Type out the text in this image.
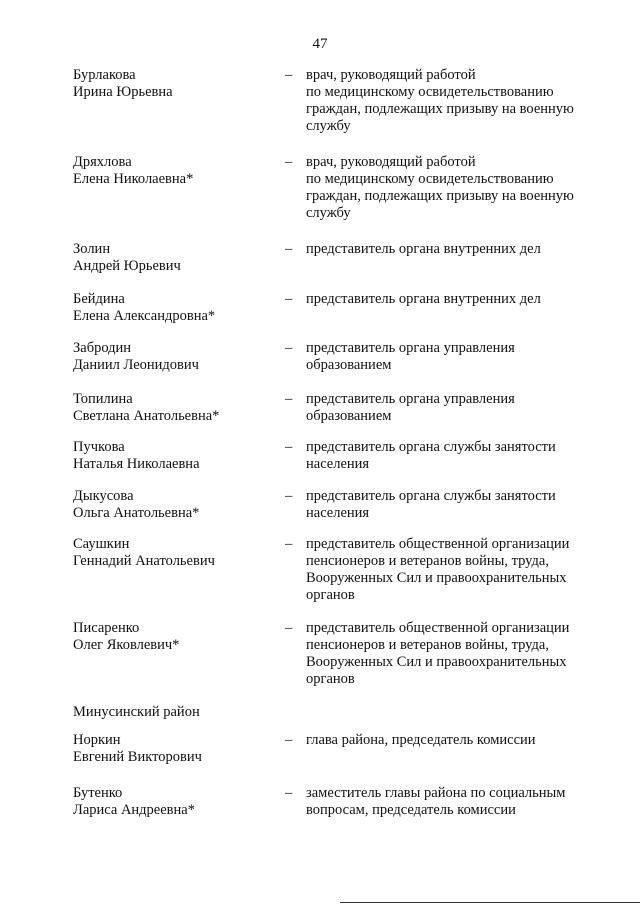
47
Бурлакова
Ирина Юрьевна
– врач, руководящий работой
по медицинскому освидетельствованию
граждан, подлежащих призыву на военную
службу
Дряхлова
Елена Николаевна*
– врач, руководящий работой
по медицинскому освидетельствованию
граждан, подлежащих призыву на военную
службу
Золин
Андрей Юрьевич
– представитель органа внутренних дел
Бейдина
Елена Александровна*
– представитель органа внутренних дел
Забродин
Даниил Леонидович
– представитель органа управления
образованием
Топилина
Светлана Анатольевна*
– представитель органа управления
образованием
Пучкова
Наталья Николаевна
– представитель органа службы занятости
населения
Дыкусова
Ольга Анатольевна*
– представитель органа службы занятости
населения
Саушкин
Геннадий Анатольевич
– представитель общественной организации
пенсионеров и ветеранов войны, труда,
Вооруженных Сил и правоохранительных
органов
Писаренко
Олег Яковлевич*
– представитель общественной организации
пенсионеров и ветеранов войны, труда,
Вооруженных Сил и правоохранительных
органов
Минусинский район
Норкин
Евгений Викторович
– глава района, председатель комиссии
Бутенко
Лариса Андреевна*
– заместитель главы района по социальным
вопросам, председатель комиссии
